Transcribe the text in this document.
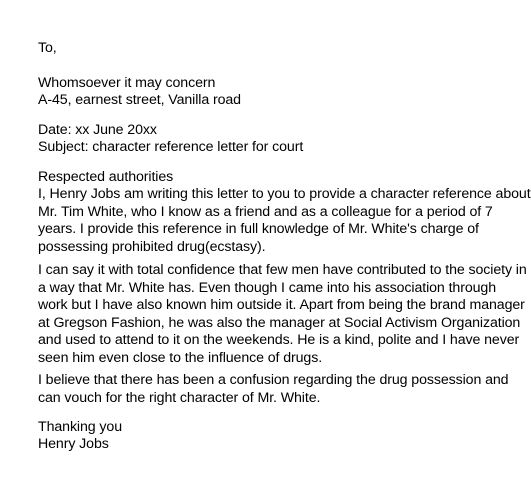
To,
Whomsoever it may concern
A-45, earnest street, Vanilla road
Date: xx June 20xx
Subject: character reference letter for court
Respected authorities
I, Henry Jobs am writing this letter to you to provide a character reference about
Mr. Tim White, who I know as a friend and as a colleague for a period of 7
years. I provide this reference in full knowledge of Mr. White's charge of
possessing prohibited drug(ecstasy).
I can say it with total confidence that few men have contributed to the society in
a way that Mr. White has. Even though I came into his association through
work but I have also known him outside it. Apart from being the brand manager
at Gregson Fashion, he was also the manager at Social Activism Organization
and used to attend to it on the weekends. He is a kind, polite and I have never
seen him even close to the influence of drugs.
I believe that there has been a confusion regarding the drug possession and
can vouch for the right character of Mr. White.
Thanking you
Henry Jobs
